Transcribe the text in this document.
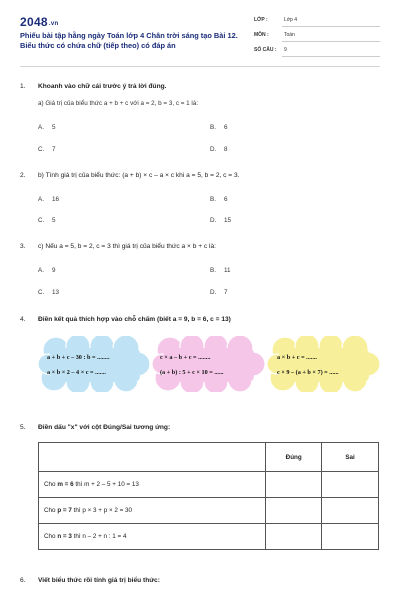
2048.vn
Phiếu bài tập hằng ngày Toán lớp 4 Chân trời sáng tạo Bài 12. Biểu thức có chứa chữ (tiếp theo) có đáp án
LỚP :	Lớp 4
MÔN :	Toán
SỐ CÂU : 9
1. Khoanh vào chữ cái trước ý trả lời đúng.
a) Giá trị của biểu thức a + b + c với a = 2, b = 3, c = 1 là:
A. 5	B. 6
C. 7	D. 8
2. b) Tính giá trị của biểu thức: (a + b) × c – a × c khi a = 5, b = 2, c = 3.
A. 16	B. 6
C. 5	D. 15
3. c) Nếu a = 5, b = 2, c = 3 thì giá trị của biểu thức a × b + c là:
A. 9	B. 11
C. 13	D. 7
4. Điền kết quả thích hợp vào chỗ chấm (biết a = 9, b = 6, c = 13)
a + b + c – 30 : b = ........
a × b × 2 – 4 × c = .......
c × a – b + c = ........
(a + b) : 5 + c × 10 = ......
a × b + c = .......
c × 9 – (a + b × 7) = ......
5. Điền dấu "x" với cột Đúng/Sai tương ứng:
	Đúng	Sai
Cho m = 6 thì m + 2 – 5 + 10 = 13		
Cho p = 7 thì p × 3 + p × 2 = 30		
Cho n = 3 thì n – 2 + n : 1 = 4		
6. Viết biểu thức rồi tính giá trị biểu thức:
